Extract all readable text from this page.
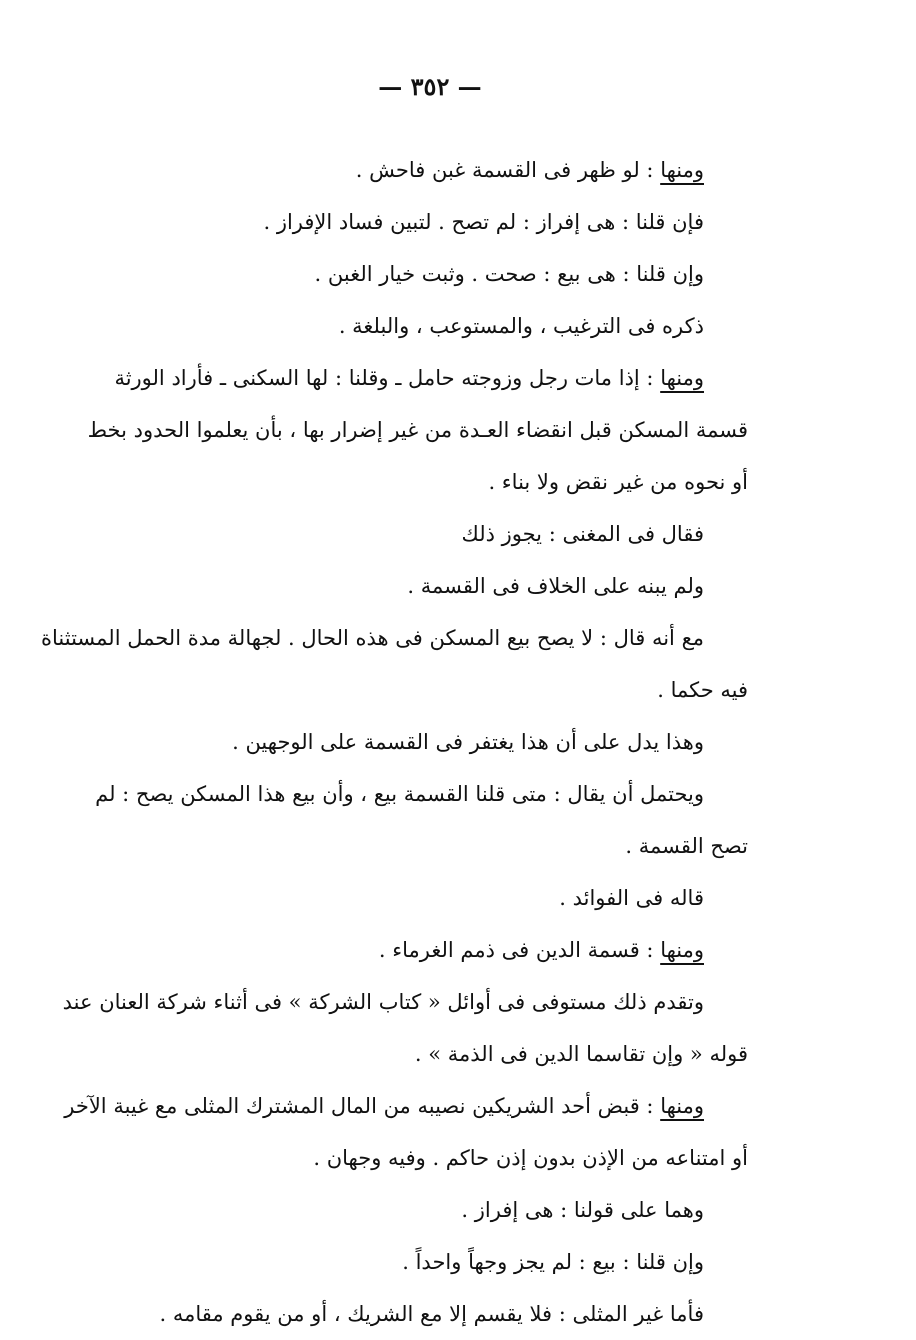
— ٣٥٢ —
ومنها : لو ظهر فى القسمة غبن فاحش .
فإن قلنا : هى إفراز : لم تصح . لتبين فساد الإفراز .
وإن قلنا : هى بيع : صحت . وثبت خيار الغبن .
ذكره فى الترغيب ، والمستوعب ، والبلغة .
ومنها : إذا مات رجل وزوجته حامل ـ وقلنا : لها السكنى ـ فأراد الورثة
قسمة المسكن قبل انقضاء العـدة من غير إضرار بها ، بأن يعلموا الحدود بخط
أو نحوه من غير نقض ولا بناء .
فقال فى المغنى : يجوز ذلك
ولم يبنه على الخلاف فى القسمة .
مع أنه قال : لا يصح بيع المسكن فى هذه الحال . لجهالة مدة الحمل المستثناة
فيه حكما .
وهذا يدل على أن هذا يغتفر فى القسمة على الوجهين .
ويحتمل أن يقال : متى قلنا القسمة بيع ، وأن بيع هذا المسكن يصح : لم
تصح القسمة .
قاله فى الفوائد .
ومنها : قسمة الدين فى ذمم الغرماء .
وتقدم ذلك مستوفى فى أوائل « كتاب الشركة » فى أثناء شركة العنان عند
قوله « وإن تقاسما الدين فى الذمة » .
ومنها : قبض أحد الشريكين نصيبه من المال المشترك المثلى مع غيبة الآخر
أو امتناعه من الإذن بدون إذن حاكم . وفيه وجهان .
وهما على قولنا : هى إفراز .
وإن قلنا : بيع : لم يجز وجهاً واحداً .
فأما غير المثلى : فلا يقسم إلا مع الشريك ، أو من يقوم مقامه .
